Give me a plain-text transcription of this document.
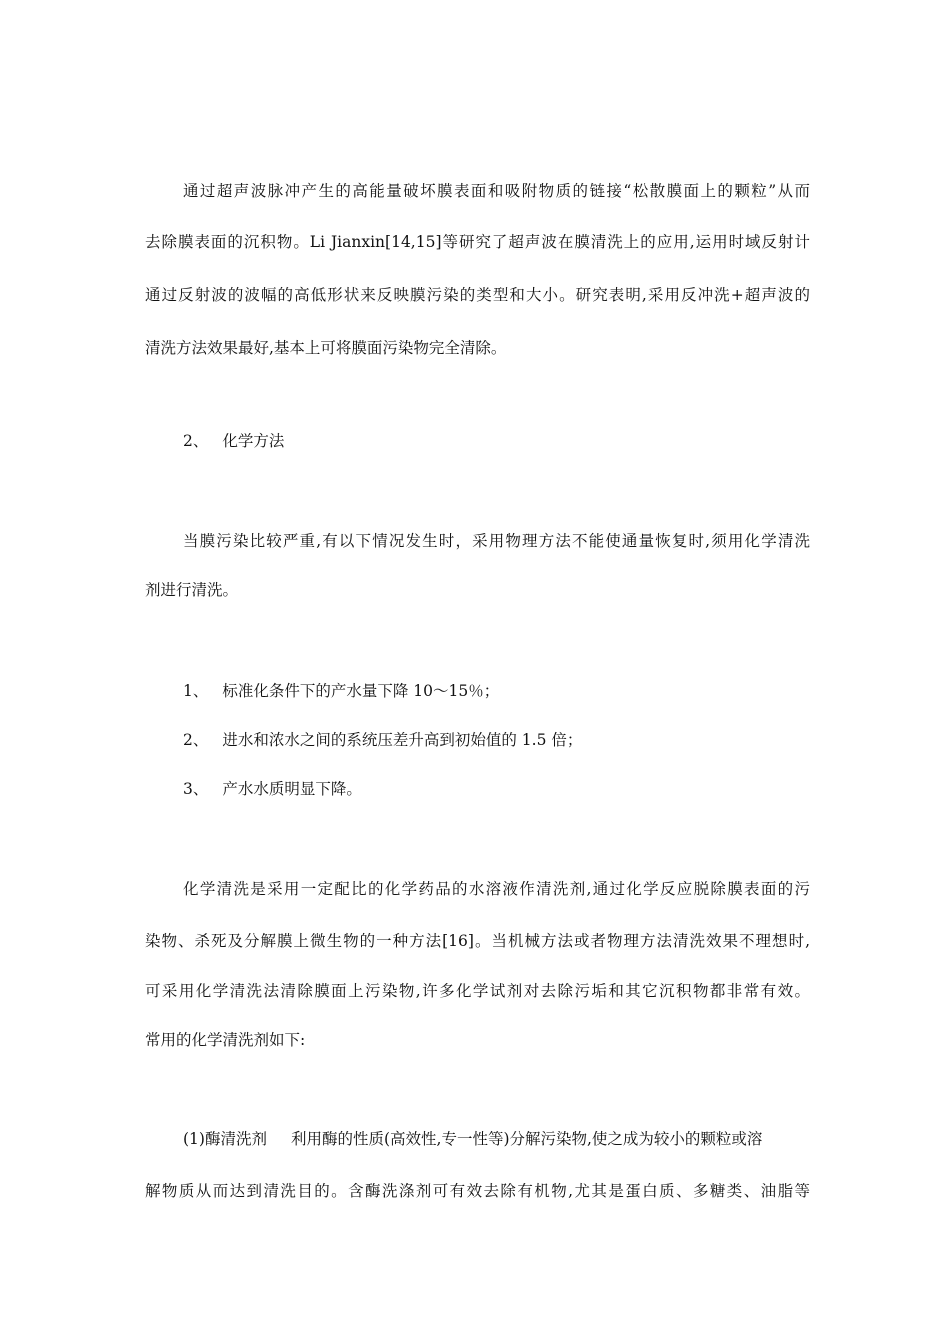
通过超声波脉冲产生的高能量破坏膜表面和吸附物质的链接“松散膜面上的颗粒”从而
去除膜表面的沉积物。Li Jianxin[14,15]等研究了超声波在膜清洗上的应用,运用时域反射计
通过反射波的波幅的高低形状来反映膜污染的类型和大小。研究表明,采用反冲洗+超声波的
清洗方法效果最好,基本上可将膜面污染物完全清除。
2、 化学方法
当膜污染比较严重,有以下情况发生时，采用物理方法不能使通量恢复时,须用化学清洗
剂进行清洗。
1、 标准化条件下的产水量下降 10～15％；
2、 进水和浓水之间的系统压差升高到初始值的 1.5 倍；
3、 产水水质明显下降。
化学清洗是采用一定配比的化学药品的水溶液作清洗剂,通过化学反应脱除膜表面的污
染物、杀死及分解膜上微生物的一种方法[16]。当机械方法或者物理方法清洗效果不理想时,
可采用化学清洗法清除膜面上污染物,许多化学试剂对去除污垢和其它沉积物都非常有效。
常用的化学清洗剂如下:
(1)酶清洗剂 利用酶的性质(高效性,专一性等)分解污染物,使之成为较小的颗粒或溶
解物质从而达到清洗目的。含酶洗涤剂可有效去除有机物,尤其是蛋白质、多糖类、油脂等
